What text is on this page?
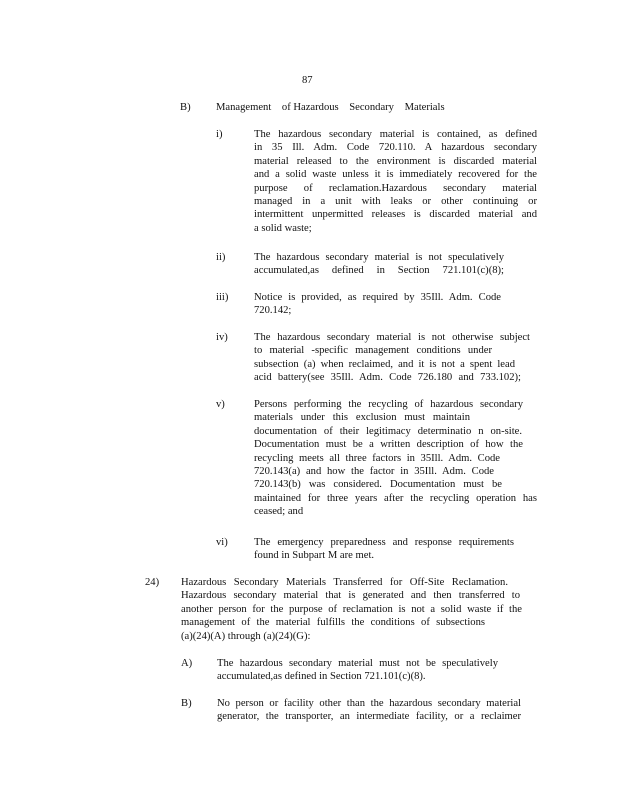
87
B) Management    of Hazardous    Secondary    Materials
i)	The hazardous secondary material is contained, as defined
in 35 Ill. Adm. Code 720.110. A hazardous secondary
material released to the environment is discarded material
and a solid waste unless it is immediately recovered for the
purpose of reclamation.Hazardous secondary material
managed in a unit with leaks or other continuing or
intermittent unpermitted releases is discarded material and
a solid waste;
ii)	The hazardous secondary material is not speculatively
accumulated,as defined in Section 721.101(c)(8);
iii) Notice is provided, as required by 35Ill. Adm. Code
720.142;
iv) The hazardous secondary material is not otherwise subject
to material -specific management conditions under
subsection (a) when reclaimed, and it is not a spent lead
acid battery(see 35Ill. Adm. Code 726.180 and 733.102);
v)	Persons performing the recycling of hazardous secondary
materials under this exclusion must maintain
documentation of their legitimacy determinatio n on-site.
Documentation must be a written description of how the
recycling meets all three factors in 35Ill. Adm. Code
720.143(a) and how the factor in 35Ill. Adm. Code
720.143(b) was considered. Documentation must be
maintained for three years after the recycling operation has
ceased; and
vi) The emergency preparedness and response requirements
found in Subpart M are met.
24) Hazardous Secondary Materials Transferred for Off-Site Reclamation.
Hazardous secondary material that is generated and then transferred to
another person for the purpose of reclamation is not a solid waste if the
management of the material fulfills the conditions of subsections
(a)(24)(A) through (a)(24)(G):
A) The hazardous secondary material must not be speculatively
accumulated,as defined in Section 721.101(c)(8).
B) No person or facility other than the hazardous secondary material
generator, the transporter, an intermediate facility, or a reclaimer
